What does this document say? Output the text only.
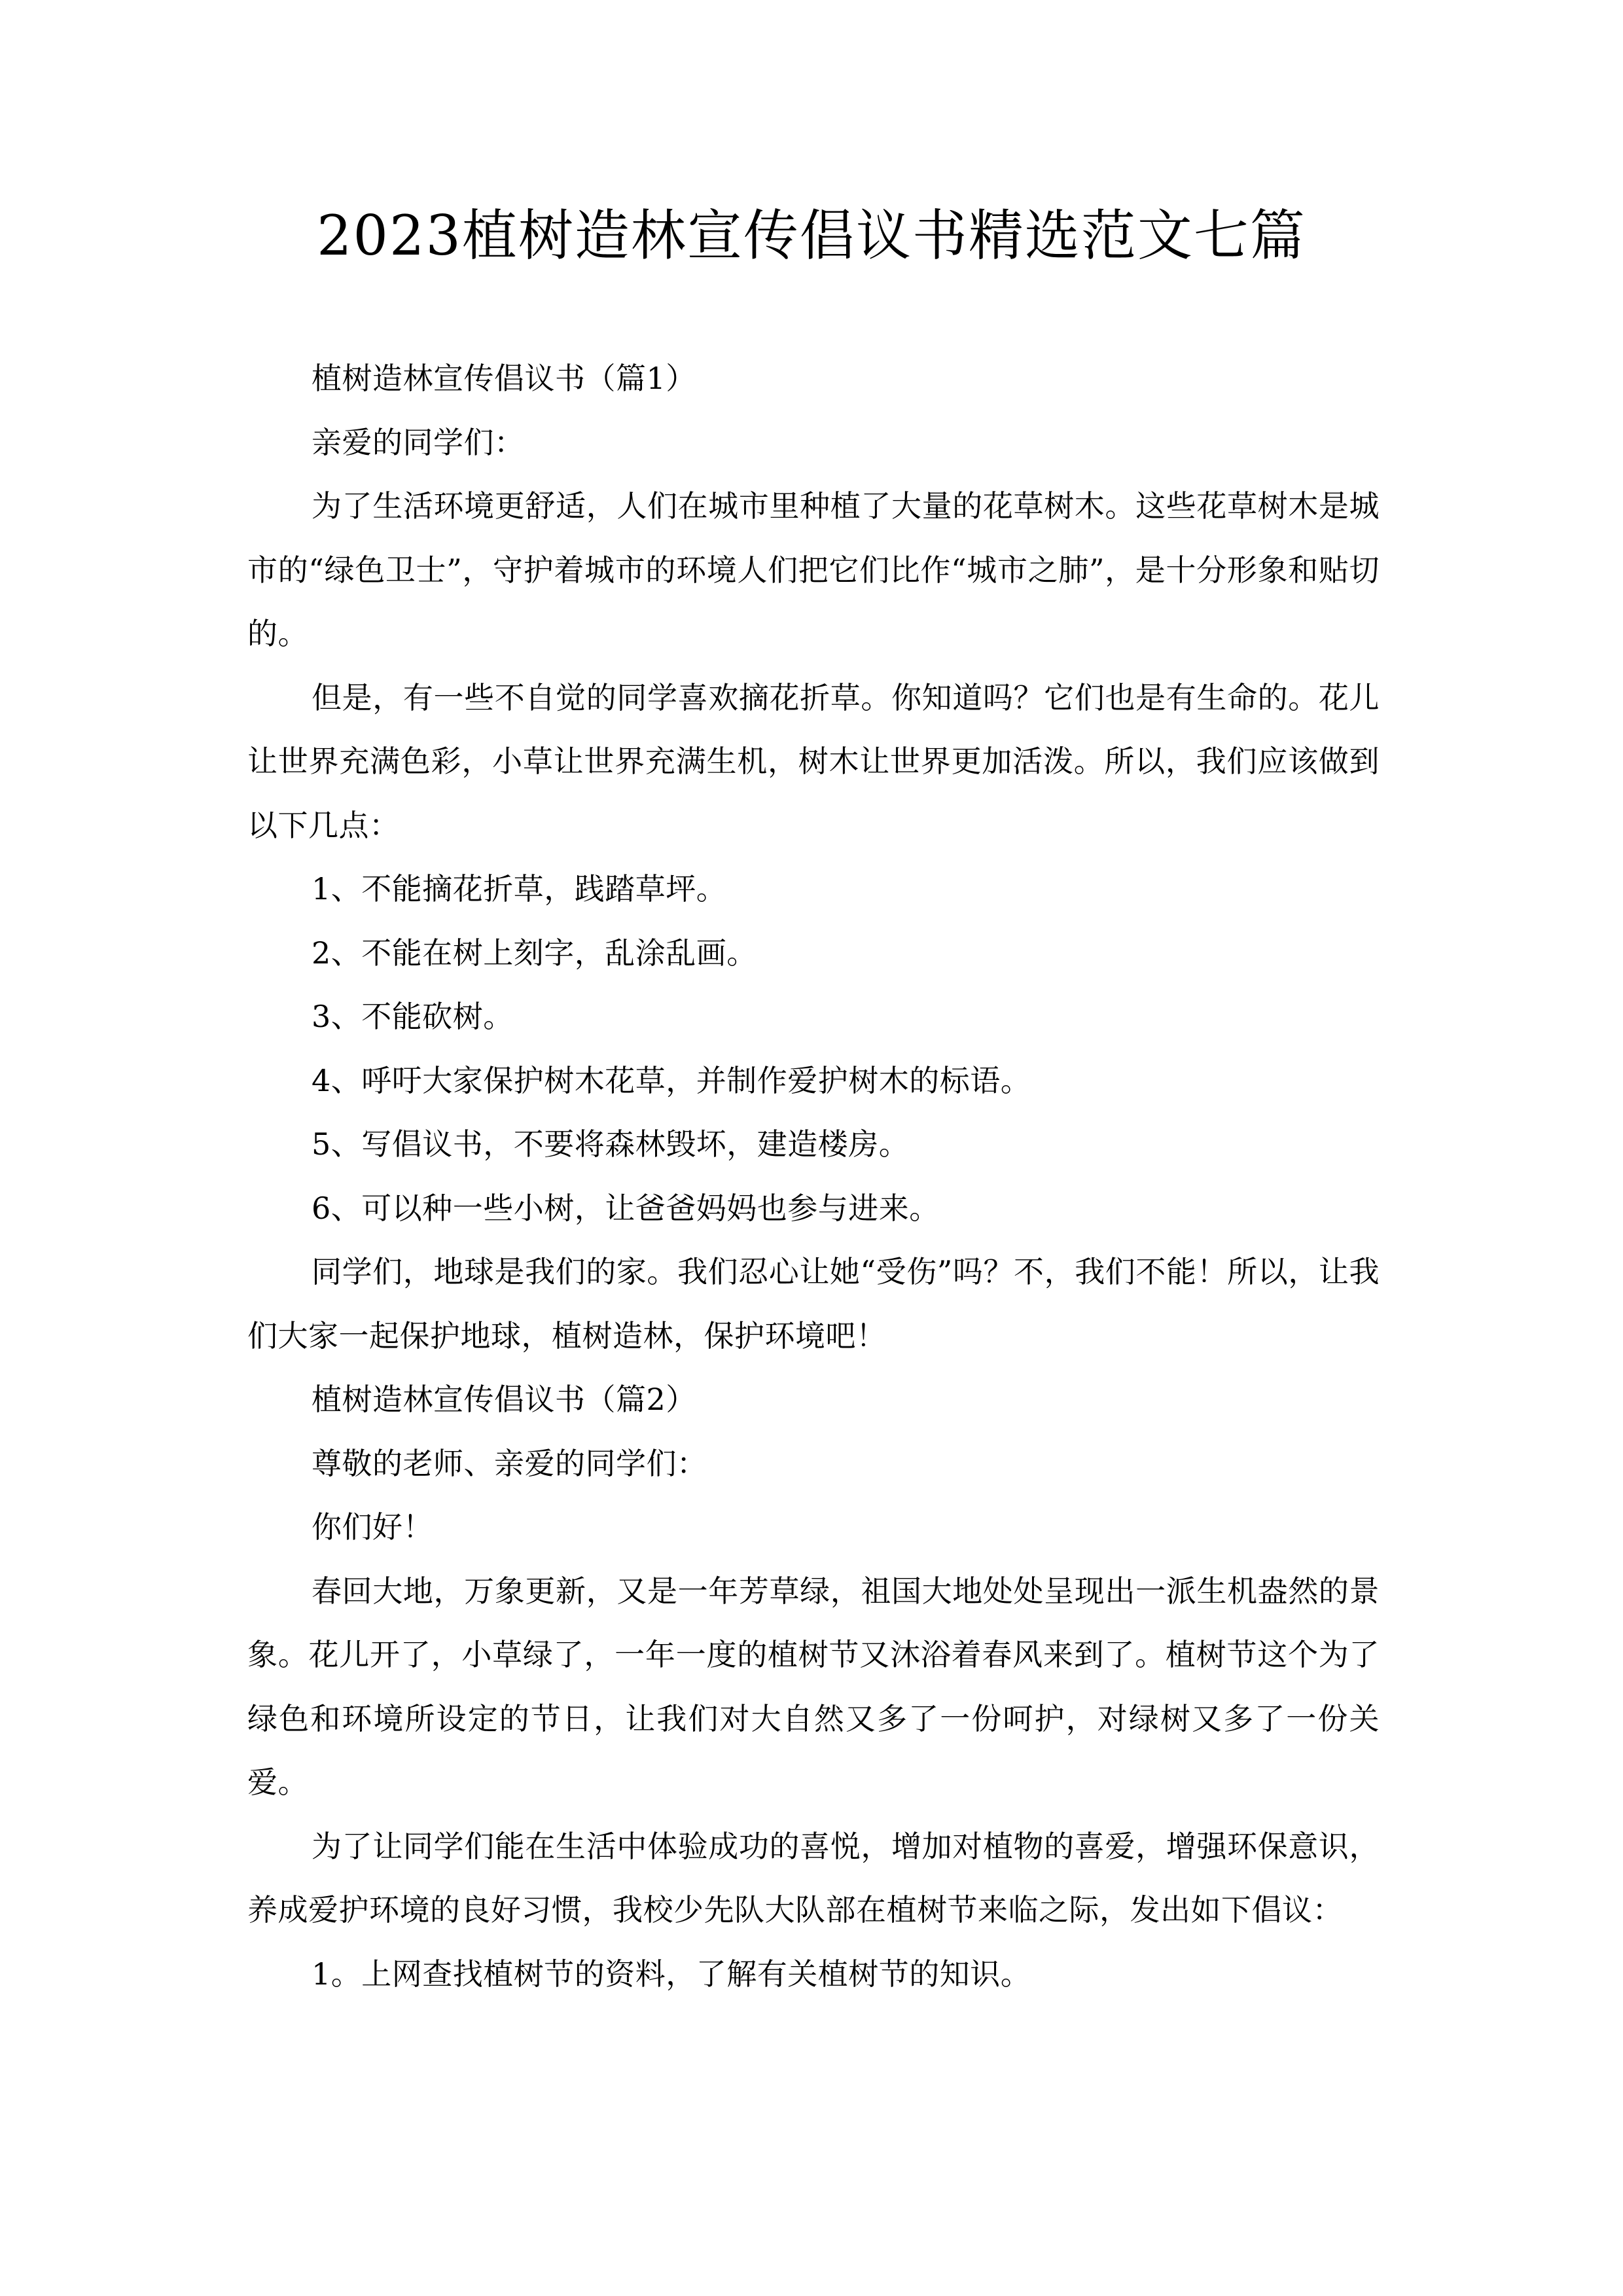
2023植树造林宣传倡议书精选范文七篇

植树造林宣传倡议书（篇1）

亲爱的同学们：

为了生活环境更舒适，人们在城市里种植了大量的花草树木。这些花草树木是城市的“绿色卫士”，守护着城市的环境人们把它们比作“城市之肺”，是十分形象和贴切的。

但是，有一些不自觉的同学喜欢摘花折草。你知道吗？它们也是有生命的。花儿让世界充满色彩，小草让世界充满生机，树木让世界更加活泼。所以，我们应该做到以下几点：

1、不能摘花折草，践踏草坪。

2、不能在树上刻字，乱涂乱画。

3、不能砍树。

4、呼吁大家保护树木花草，并制作爱护树木的标语。

5、写倡议书，不要将森林毁坏，建造楼房。

6、可以种一些小树，让爸爸妈妈也参与进来。

同学们，地球是我们的家。我们忍心让她“受伤”吗？不，我们不能！所以，让我们大家一起保护地球，植树造林，保护环境吧！

植树造林宣传倡议书（篇2）

尊敬的老师、亲爱的同学们：

你们好！

春回大地，万象更新，又是一年芳草绿，祖国大地处处呈现出一派生机盎然的景象。花儿开了，小草绿了，一年一度的植树节又沐浴着春风来到了。植树节这个为了绿色和环境所设定的节日，让我们对大自然又多了一份呵护，对绿树又多了一份关爱。

为了让同学们能在生活中体验成功的喜悦，增加对植物的喜爱，增强环保意识，养成爱护环境的良好习惯，我校少先队大队部在植树节来临之际，发出如下倡议：

1。上网查找植树节的资料，了解有关植树节的知识。
